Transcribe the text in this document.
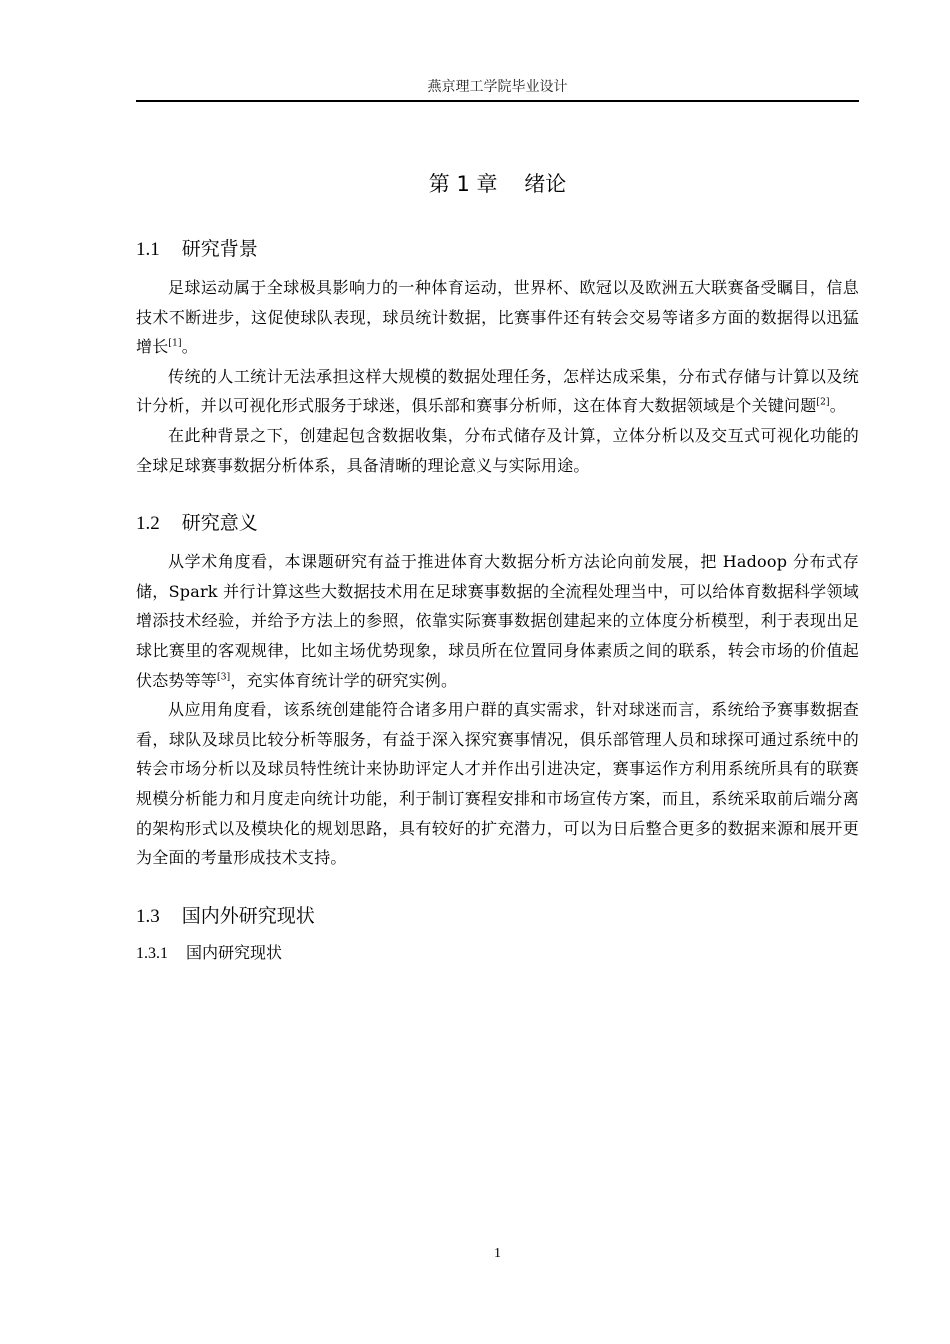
燕京理工学院毕业设计
第 1 章    绪论
1.1 研究背景

足球运动属于全球极具影响力的一种体育运动，世界杯、欧冠以及欧洲五大联赛备受瞩目，信息技术不断进步，这促使球队表现，球员统计数据，比赛事件还有转会交易等诸多方面的数据得以迅猛增长[1]。

传统的人工统计无法承担这样大规模的数据处理任务，怎样达成采集，分布式存储与计算以及统计分析，并以可视化形式服务于球迷，俱乐部和赛事分析师，这在体育大数据领域是个关键问题[2]。

在此种背景之下，创建起包含数据收集，分布式储存及计算，立体分析以及交互式可视化功能的全球足球赛事数据分析体系，具备清晰的理论意义与实际用途。

1.2 研究意义

从学术角度看，本课题研究有益于推进体育大数据分析方法论向前发展，把 Hadoop 分布式存储，Spark 并行计算这些大数据技术用在足球赛事数据的全流程处理当中，可以给体育数据科学领域增添技术经验，并给予方法上的参照，依靠实际赛事数据创建起来的立体度分析模型，利于表现出足球比赛里的客观规律，比如主场优势现象，球员所在位置同身体素质之间的联系，转会市场的价值起伏态势等等[3]，充实体育统计学的研究实例。

从应用角度看，该系统创建能符合诸多用户群的真实需求，针对球迷而言，系统给予赛事数据查看，球队及球员比较分析等服务，有益于深入探究赛事情况，俱乐部管理人员和球探可通过系统中的转会市场分析以及球员特性统计来协助评定人才并作出引进决定，赛事运作方利用系统所具有的联赛规模分析能力和月度走向统计功能，利于制订赛程安排和市场宣传方案，而且，系统采取前后端分离的架构形式以及模块化的规划思路，具有较好的扩充潜力，可以为日后整合更多的数据来源和展开更为全面的考量形成技术支持。

1.3 国内外研究现状
1.3.1 国内研究现状
1
